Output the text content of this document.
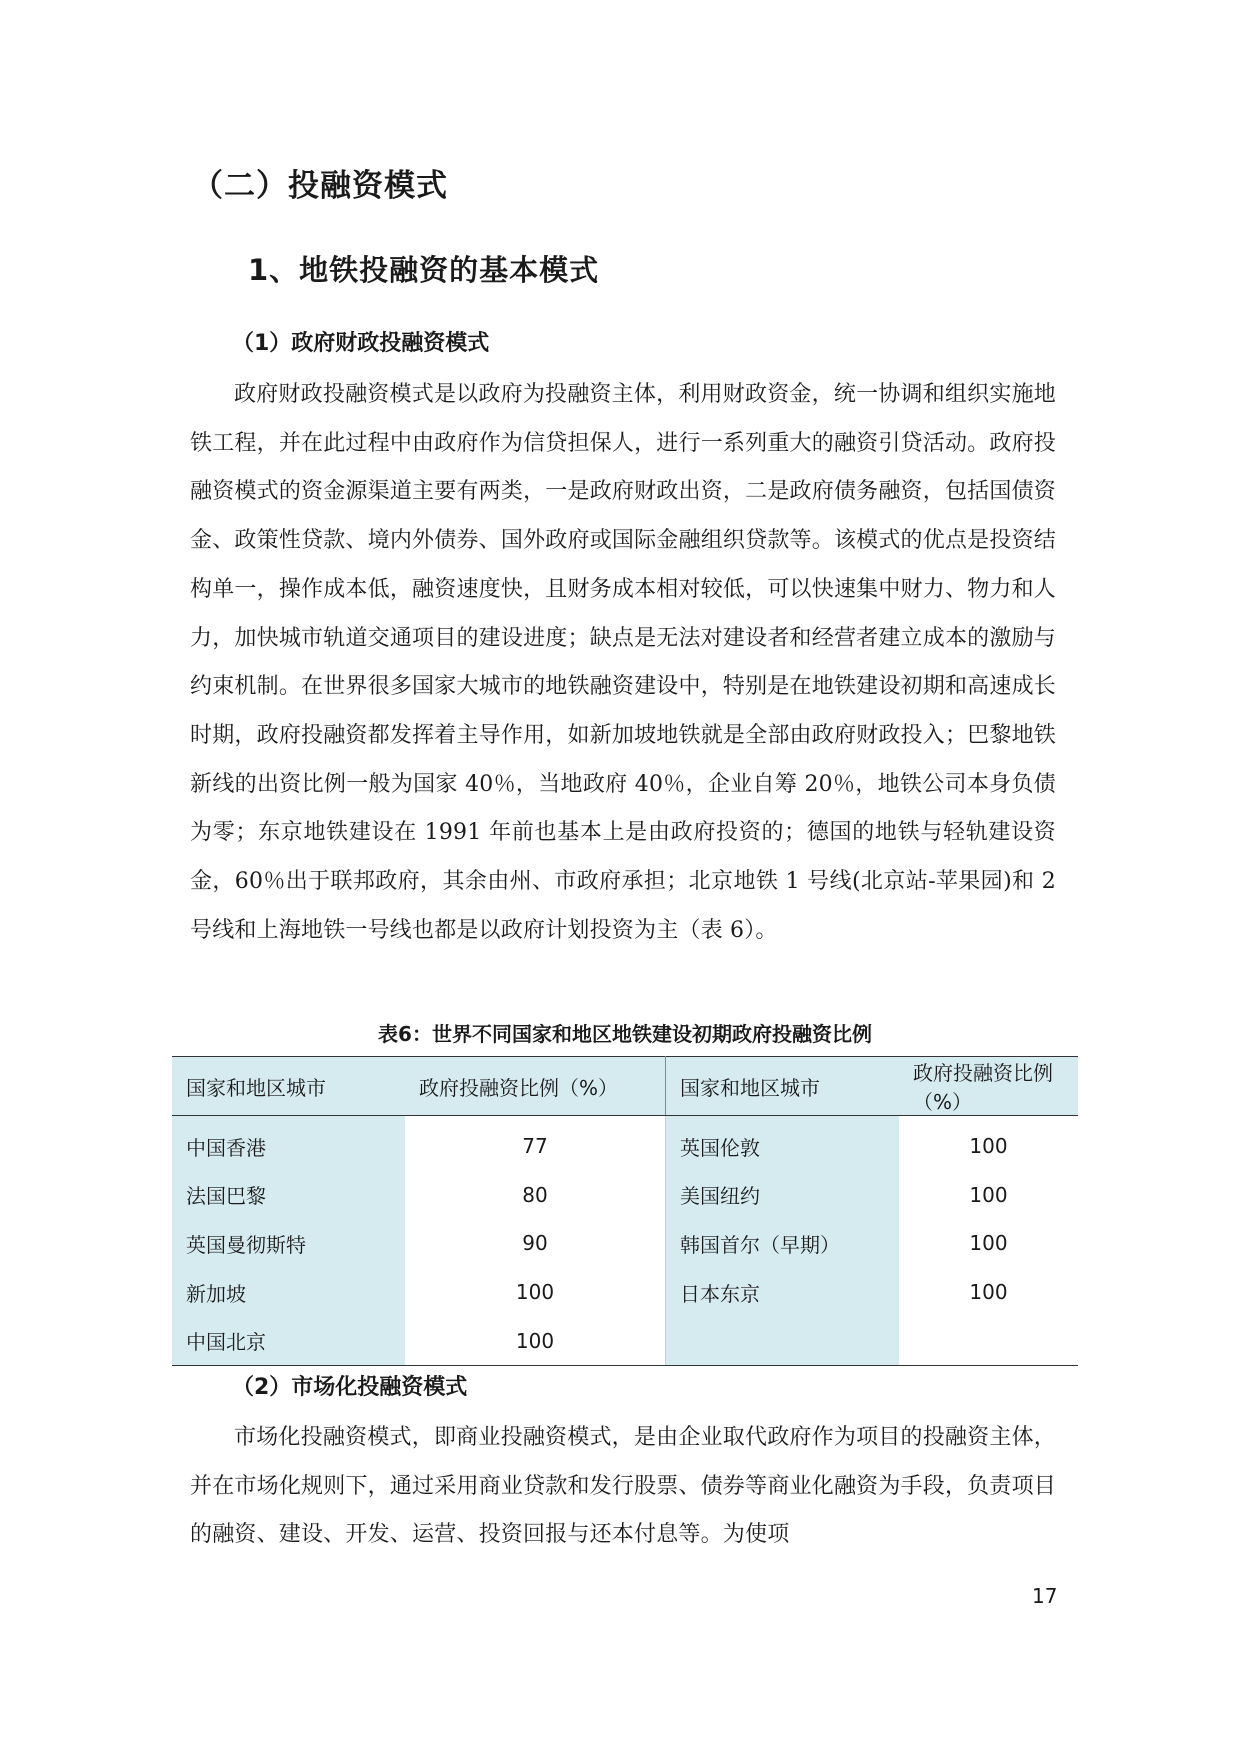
（二）投融资模式
1、地铁投融资的基本模式
（1）政府财政投融资模式

政府财政投融资模式是以政府为投融资主体，利用财政资金，统一协调和组织实施地铁工程，并在此过程中由政府作为信贷担保人，进行一系列重大的融资引贷活动。政府投融资模式的资金源渠道主要有两类，一是政府财政出资，二是政府债务融资，包括国债资金、政策性贷款、境内外债券、国外政府或国际金融组织贷款等。该模式的优点是投资结构单一，操作成本低，融资速度快，且财务成本相对较低，可以快速集中财力、物力和人力，加快城市轨道交通项目的建设进度；缺点是无法对建设者和经营者建立成本的激励与约束机制。在世界很多国家大城市的地铁融资建设中，特别是在地铁建设初期和高速成长时期，政府投融资都发挥着主导作用，如新加坡地铁就是全部由政府财政投入；巴黎地铁新线的出资比例一般为国家 40％，当地政府 40％，企业自筹 20％，地铁公司本身负债为零；东京地铁建设在 1991 年前也基本上是由政府投资的；德国的地铁与轻轨建设资金，60％出于联邦政府，其余由州、市政府承担；北京地铁 1 号线(北京站-苹果园)和 2 号线和上海地铁一号线也都是以政府计划投资为主（表 6）。

表6：世界不同国家和地区地铁建设初期政府投融资比例
国家和地区城市	政府投融资比例（%）	国家和地区城市	政府投融资比例（%）
中国香港	77	英国伦敦	100
法国巴黎	80	美国纽约	100
英国曼彻斯特	90	韩国首尔（早期）	100
新加坡	100	日本东京	100
中国北京	100		
（2）市场化投融资模式

市场化投融资模式，即商业投融资模式，是由企业取代政府作为项目的投融资主体，并在市场化规则下，通过采用商业贷款和发行股票、债券等商业化融资为手段，负责项目的融资、建设、开发、运营、投资回报与还本付息等。为使项

17
